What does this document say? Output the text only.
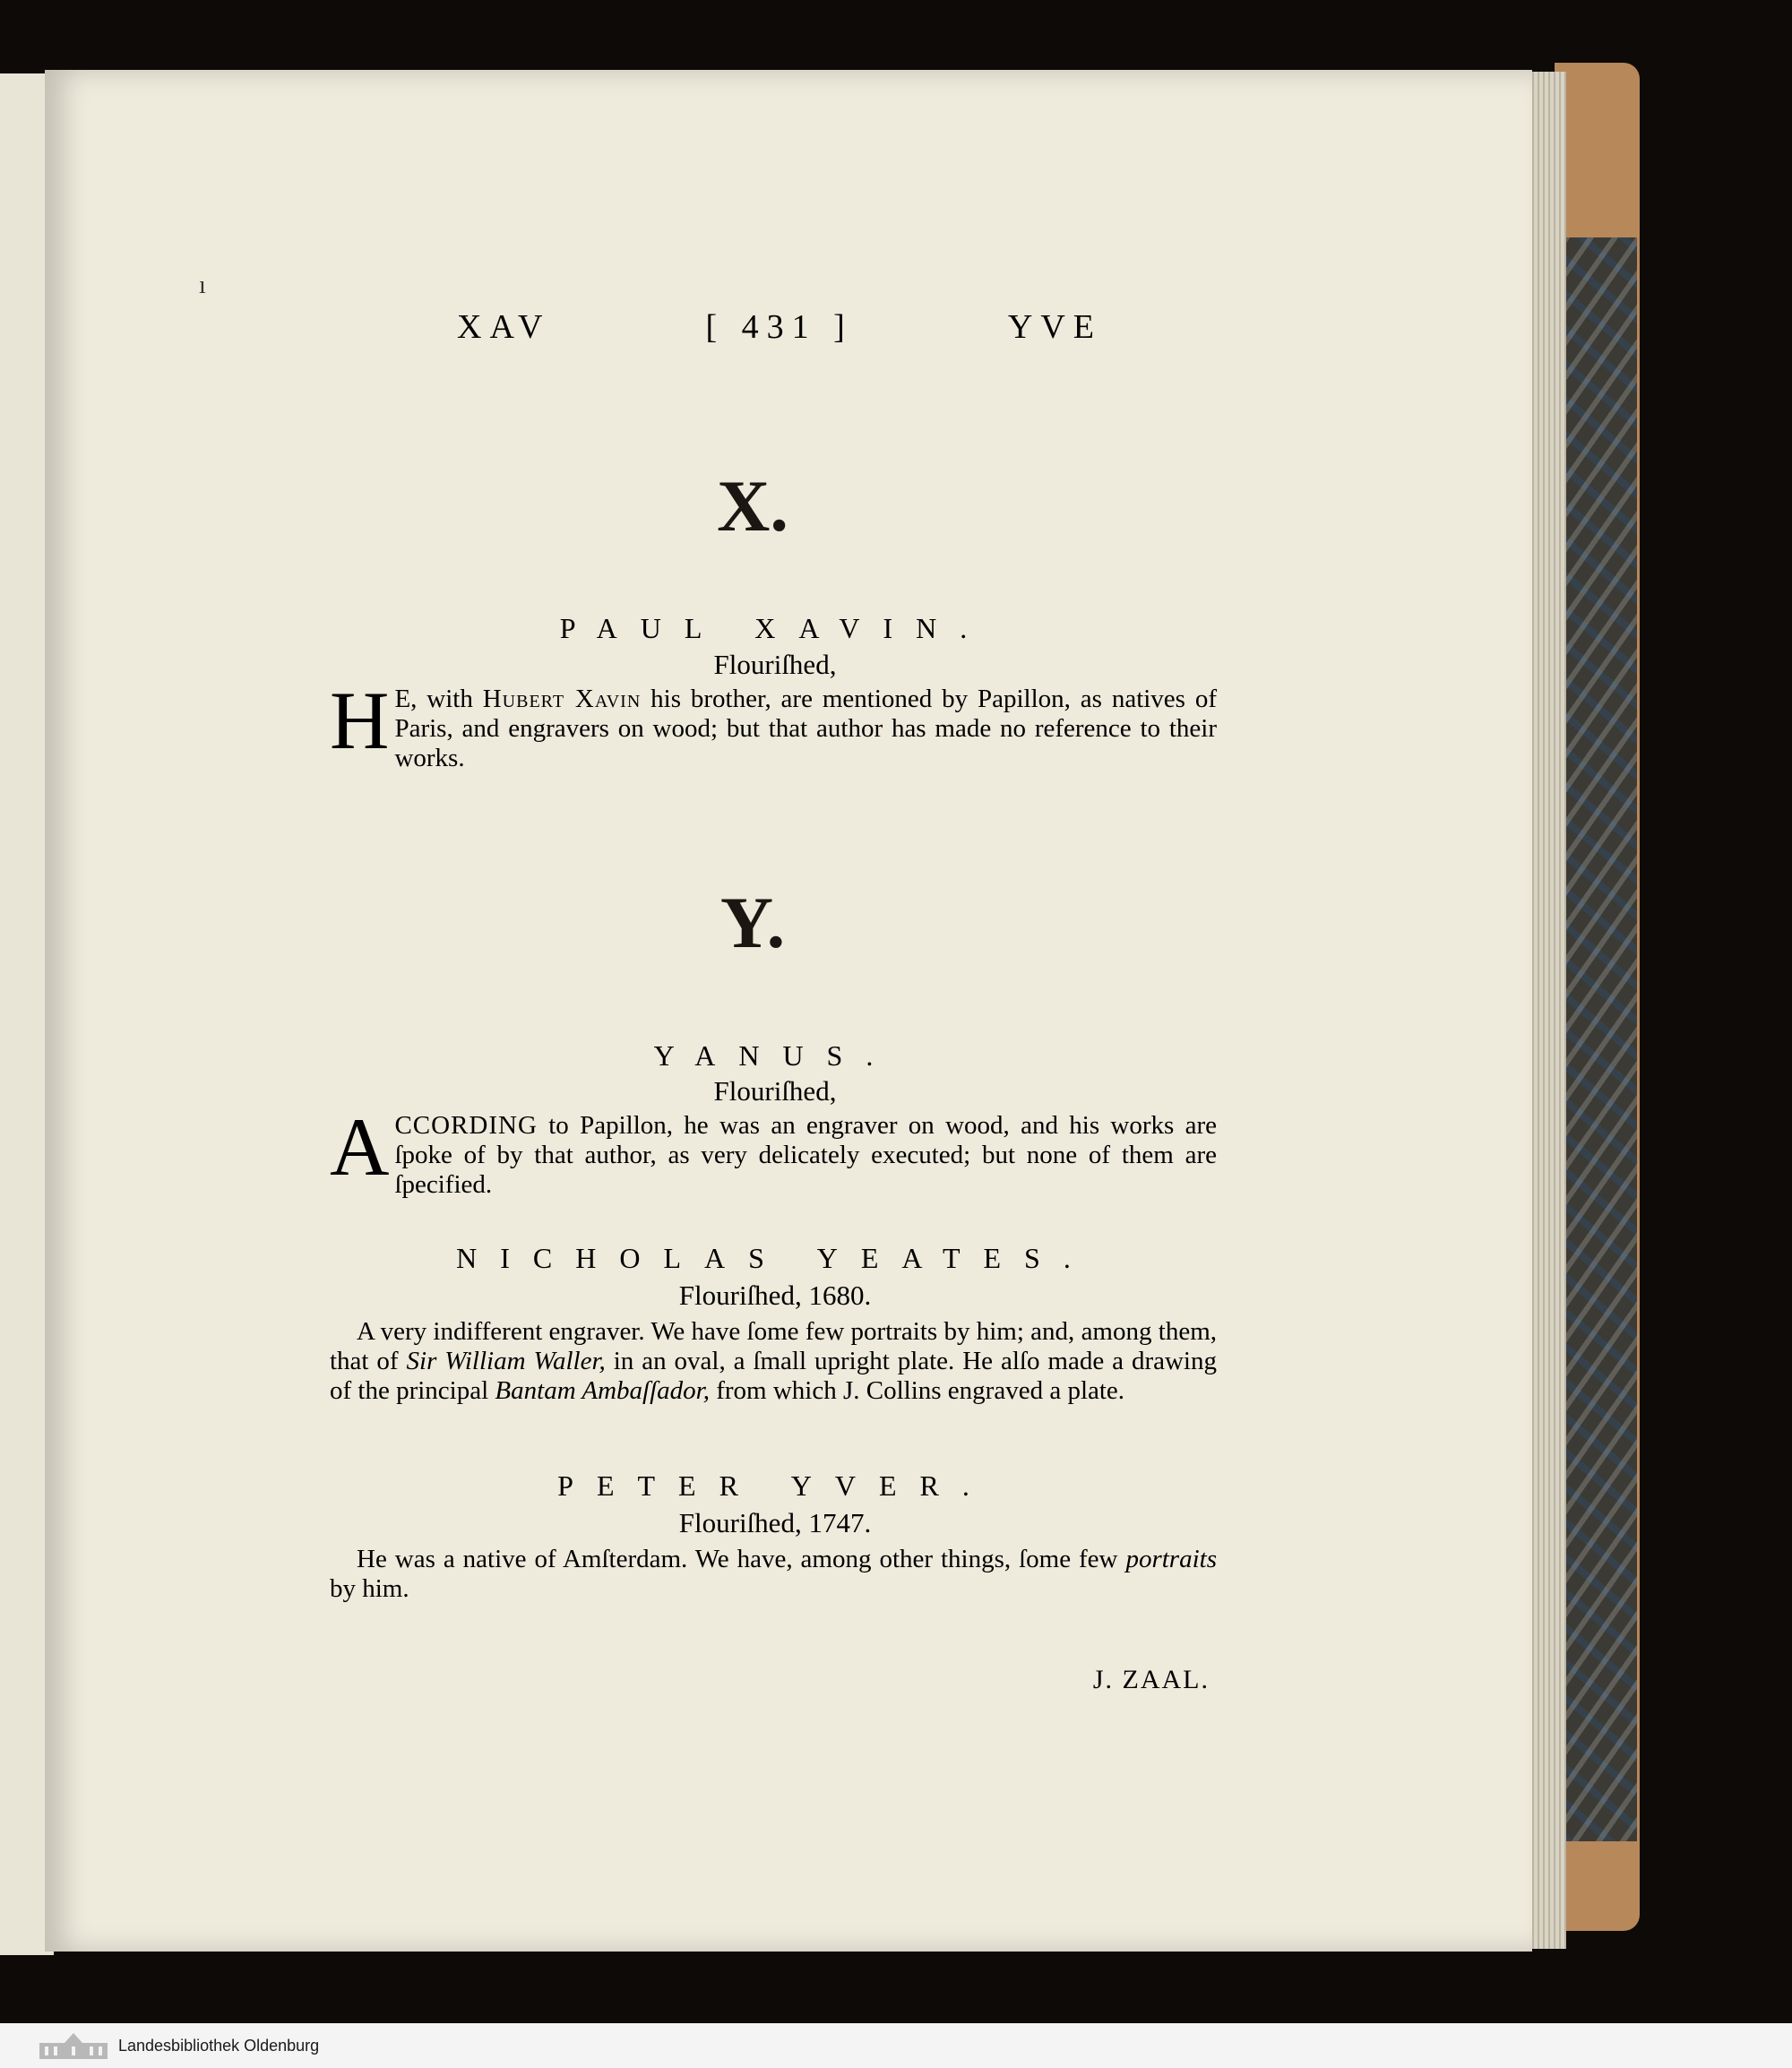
ı
XAV	[ 431 ]	YVE
X.
PAUL XAVIN.
Flouriſhed,
H E, with Hubert Xavin his brother, are mentioned by Papillon, as natives of Paris, and engravers on wood; but that author has made no reference to their works.
Y.
YANUS.
Flouriſhed,
ACCORDING to Papillon, he was an engraver on wood, and his works are ſpoke of by that author, as very delicately executed; but none of them are ſpecified.
NICHOLAS YEATES.
Flouriſhed, 1680.
A very indifferent engraver. We have ſome few portraits by him; and, among them, that of Sir William Waller, in an oval, a ſmall upright plate. He alſo made a drawing of the principal Bantam Ambaſſador, from which J. Collins engraved a plate.
PETER YVER.
Flouriſhed, 1747.
He was a native of Amſterdam. We have, among other things, ſome few portraits by him.
J. ZAAL.
Landesbibliothek Oldenburg
